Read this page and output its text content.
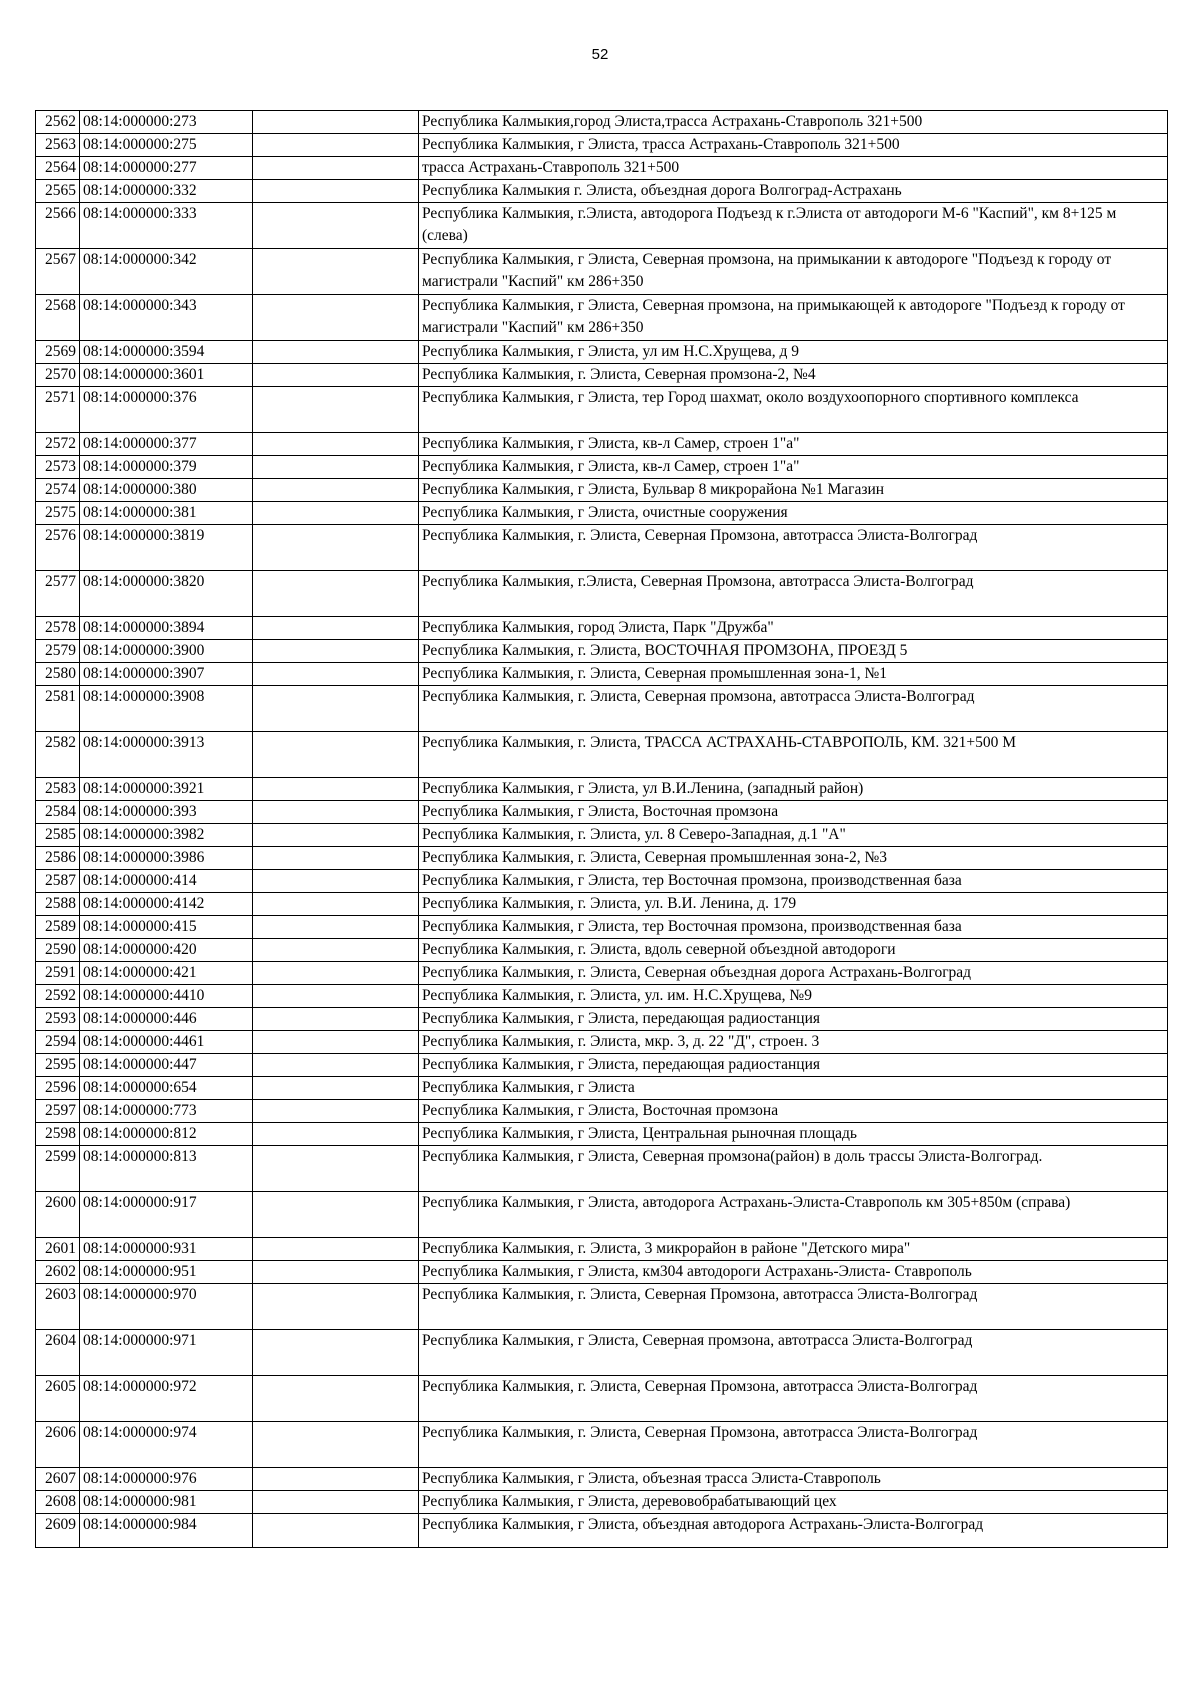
52
2562	08:14:000000:273		Республика Калмыкия,город Элиста,трасса Астрахань-Ставрополь 321+500
2563	08:14:000000:275		Республика Калмыкия, г Элиста, трасса Астрахань-Ставрополь 321+500
2564	08:14:000000:277		трасса Астрахань-Ставрополь 321+500
2565	08:14:000000:332		Республика Калмыкия г. Элиста, объездная дорога Волгоград-Астрахань
2566	08:14:000000:333		Республика Калмыкия, г.Элиста, автодорога Подъезд к г.Элиста от автодороги М-6 "Каспий", км 8+125 м (слева)
2567	08:14:000000:342		Республика Калмыкия, г Элиста, Северная промзона, на примыкании к автодороге "Подъезд к городу от магистрали "Каспий" км 286+350
2568	08:14:000000:343		Республика Калмыкия, г Элиста, Северная промзона, на примыкающей к автодороге "Подъезд к городу от магистрали "Каспий" км 286+350
2569	08:14:000000:3594		Республика Калмыкия, г Элиста, ул им Н.С.Хрущева, д 9
2570	08:14:000000:3601		Республика Калмыкия, г. Элиста, Северная промзона-2, №4
2571	08:14:000000:376		Республика Калмыкия, г Элиста, тер Город шахмат, около воздухоопорного спортивного комплекса
2572	08:14:000000:377		Республика Калмыкия, г Элиста, кв-л Самер, строен 1"а"
2573	08:14:000000:379		Республика Калмыкия, г Элиста, кв-л Самер, строен 1"а"
2574	08:14:000000:380		Республика Калмыкия, г Элиста, Бульвар 8 микрорайона №1 Магазин
2575	08:14:000000:381		Республика Калмыкия, г Элиста, очистные сооружения
2576	08:14:000000:3819		Республика Калмыкия, г. Элиста, Северная Промзона, автотрасса Элиста-Волгоград
2577	08:14:000000:3820		Республика Калмыкия, г.Элиста, Северная Промзона, автотрасса Элиста-Волгоград
2578	08:14:000000:3894		Республика Калмыкия, город Элиста, Парк "Дружба"
2579	08:14:000000:3900		Республика Калмыкия, г. Элиста, ВОСТОЧНАЯ ПРОМЗОНА, ПРОЕЗД 5
2580	08:14:000000:3907		Республика Калмыкия, г. Элиста, Северная промышленная зона-1, №1
2581	08:14:000000:3908		Республика Калмыкия, г. Элиста, Северная промзона, автотрасса Элиста-Волгоград
2582	08:14:000000:3913		Республика Калмыкия, г. Элиста, ТРАССА АСТРАХАНЬ-СТАВРОПОЛЬ, КМ. 321+500 М
2583	08:14:000000:3921		Республика Калмыкия, г Элиста, ул В.И.Ленина, (западный район)
2584	08:14:000000:393		Республика Калмыкия, г Элиста, Восточная промзона
2585	08:14:000000:3982		Республика Калмыкия, г. Элиста, ул. 8 Северо-Западная, д.1 "А"
2586	08:14:000000:3986		Республика Калмыкия, г. Элиста, Северная промышленная зона-2, №3
2587	08:14:000000:414		Республика Калмыкия, г Элиста, тер Восточная промзона, производственная база
2588	08:14:000000:4142		Республика Калмыкия, г. Элиста, ул. В.И. Ленина, д. 179
2589	08:14:000000:415		Республика Калмыкия, г Элиста, тер Восточная промзона, производственная база
2590	08:14:000000:420		Республика Калмыкия, г. Элиста, вдоль северной объездной автодороги
2591	08:14:000000:421		Республика Калмыкия, г. Элиста, Северная объездная дорога Астрахань-Волгоград
2592	08:14:000000:4410		Республика Калмыкия, г. Элиста, ул. им. Н.С.Хрущева, №9
2593	08:14:000000:446		Республика Калмыкия, г Элиста, передающая радиостанция
2594	08:14:000000:4461		Республика Калмыкия, г. Элиста, мкр. 3, д. 22 "Д", строен. 3
2595	08:14:000000:447		Республика Калмыкия, г Элиста, передающая радиостанция
2596	08:14:000000:654		Республика Калмыкия, г Элиста
2597	08:14:000000:773		Республика Калмыкия, г Элиста, Восточная промзона
2598	08:14:000000:812		Республика Калмыкия, г Элиста, Центральная рыночная площадь
2599	08:14:000000:813		Республика Калмыкия, г Элиста, Северная промзона(район) в доль трассы Элиста-Волгоград.
2600	08:14:000000:917		Республика Калмыкия, г Элиста, автодорога Астрахань-Элиста-Ставрополь км 305+850м (справа)
2601	08:14:000000:931		Республика Калмыкия, г. Элиста, 3 микрорайон в районе "Детского мира"
2602	08:14:000000:951		Республика Калмыкия, г Элиста, км304 автодороги Астрахань-Элиста- Ставрополь
2603	08:14:000000:970		Республика Калмыкия, г. Элиста, Северная Промзона, автотрасса Элиста-Волгоград
2604	08:14:000000:971		Республика Калмыкия, г Элиста, Северная промзона, автотрасса Элиста-Волгоград
2605	08:14:000000:972		Республика Калмыкия, г. Элиста, Северная Промзона, автотрасса Элиста-Волгоград
2606	08:14:000000:974		Республика Калмыкия, г. Элиста, Северная Промзона, автотрасса Элиста-Волгоград
2607	08:14:000000:976		Республика Калмыкия, г Элиста, объезная трасса Элиста-Ставрополь
2608	08:14:000000:981		Республика Калмыкия, г Элиста, деревовобрабатывающий цех
2609	08:14:000000:984		Республика Калмыкия, г Элиста, объездная автодорога Астрахань-Элиста-Волгоград
